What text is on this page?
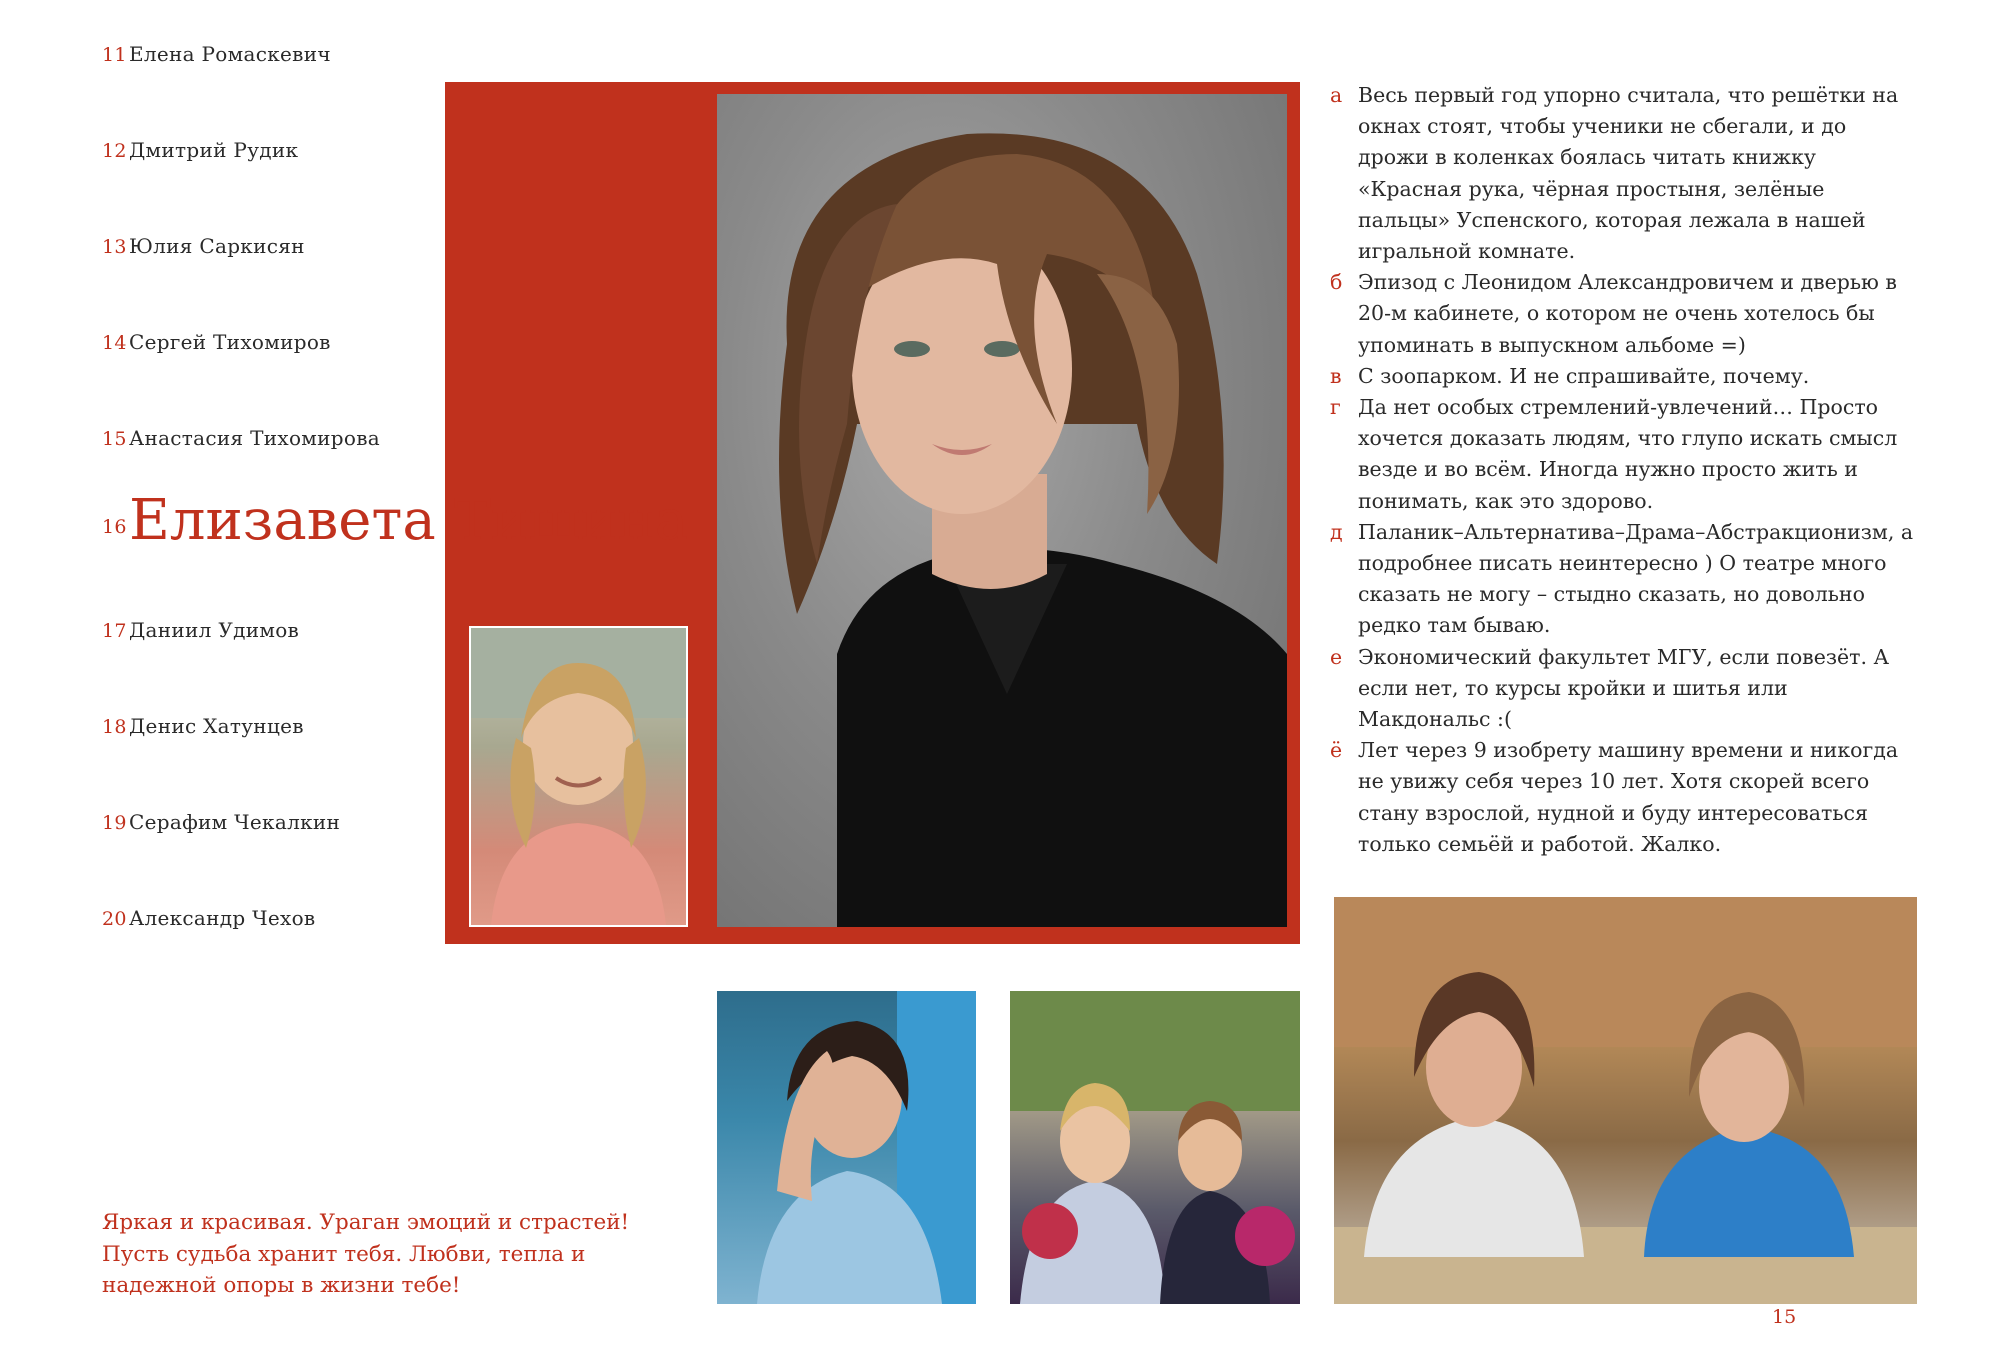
11 Елена Ромаскевич
12 Дмитрий Рудик
13 Юлия Саркисян
14 Сергей Тихомиров
15 Анастасия Тихомирова
16Елизавета Тишина
17 Даниил Удимов
18 Денис Хатунцев
19 Серафим Чекалкин
20 Александр Чехов
а Весь первый год упорно считала, что решётки на окнах стоят, чтобы ученики не сбегали, и до дрожи в коленках боялась читать книжку «Красная рука, чёрная простыня, зелёные пальцы» Успенского, которая лежала в нашей игральной комнате.
б Эпизод с Леонидом Александровичем и дверью в 20-м кабинете, о котором не очень хотелось бы упоминать в выпускном альбоме =)
в С зоопарком. И не спрашивайте, почему.
г Да нет особых стремлений-увлечений… Просто хочется доказать людям, что глупо искать смысл везде и во всём. Иногда нужно просто жить и понимать, как это здорово.
д Паланик–Альтернатива–Драма–Абстракционизм, а подробнее писать неинтересно ) О театре много сказать не могу – стыдно сказать, но довольно редко там бываю.
е Экономический факультет МГУ, если повезёт. А если нет, то курсы кройки и шитья или Макдональс :(
ё Лет через 9 изобрету машину времени и никогда не увижу себя через 10 лет. Хотя скорей всего стану взрослой, нудной и буду интересоваться только семьёй и работой. Жалко.
Яркая и красивая. Ураган эмоций и страстей! Пусть судьба хранит тебя. Любви, тепла и надежной опоры в жизни тебе!
15
